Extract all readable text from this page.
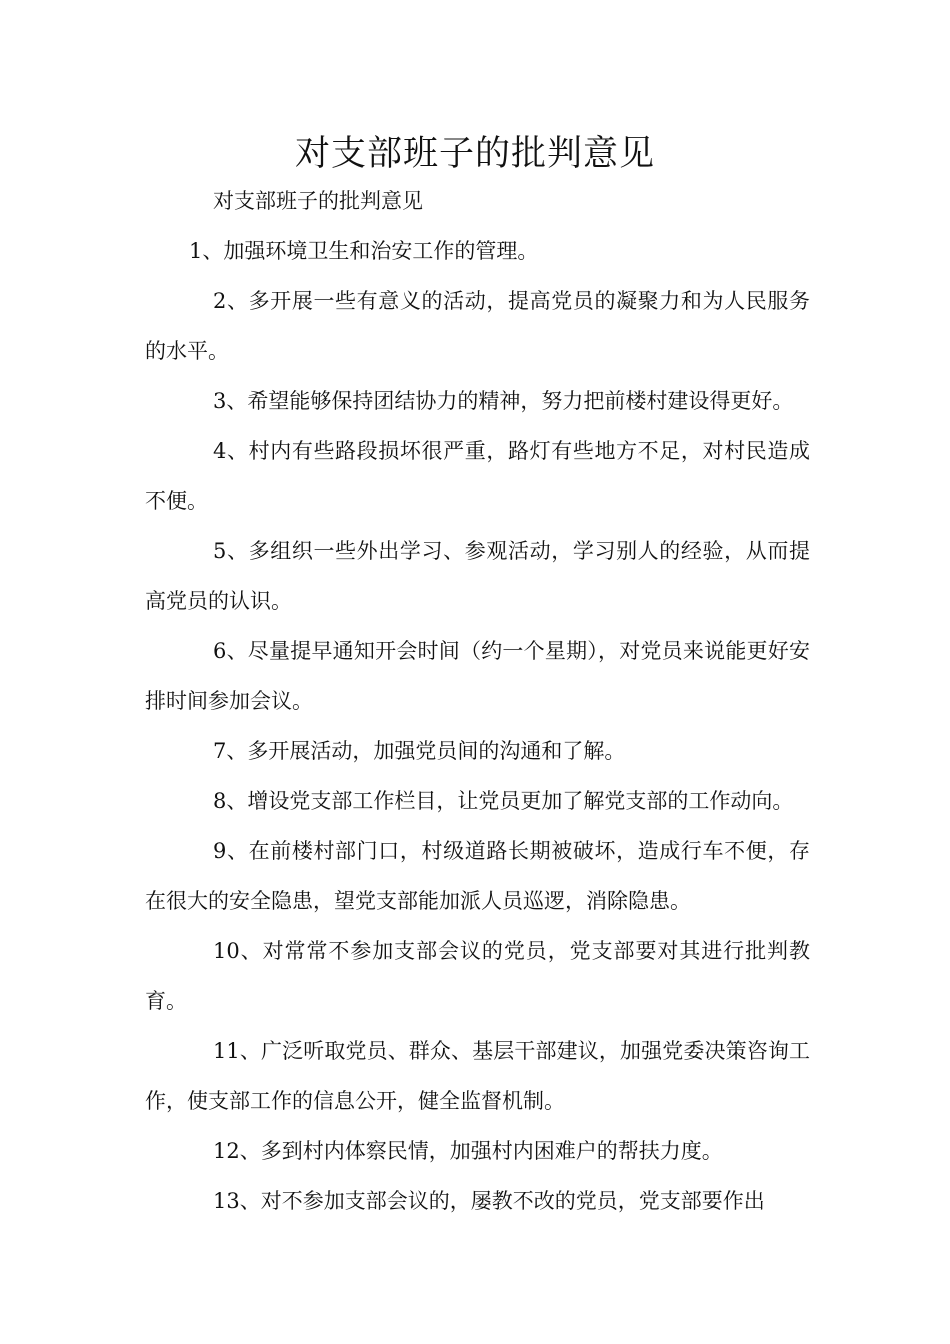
对支部班子的批判意见

对支部班子的批判意见

1、加强环境卫生和治安工作的管理。

2、多开展一些有意义的活动，提高党员的凝聚力和为人民服务的水平。

3、希望能够保持团结协力的精神，努力把前楼村建设得更好。

4、村内有些路段损坏很严重，路灯有些地方不足，对村民造成不便。

5、多组织一些外出学习、参观活动，学习别人的经验，从而提高党员的认识。

6、尽量提早通知开会时间（约一个星期），对党员来说能更好安排时间参加会议。

7、多开展活动，加强党员间的沟通和了解。

8、增设党支部工作栏目，让党员更加了解党支部的工作动向。

9、在前楼村部门口，村级道路长期被破坏，造成行车不便，存在很大的安全隐患，望党支部能加派人员巡逻，消除隐患。

10、对常常不参加支部会议的党员，党支部要对其进行批判教育。

11、广泛听取党员、群众、基层干部建议，加强党委决策咨询工作，使支部工作的信息公开，健全监督机制。

12、多到村内体察民情，加强村内困难户的帮扶力度。

13、对不参加支部会议的，屡教不改的党员，党支部要作出
